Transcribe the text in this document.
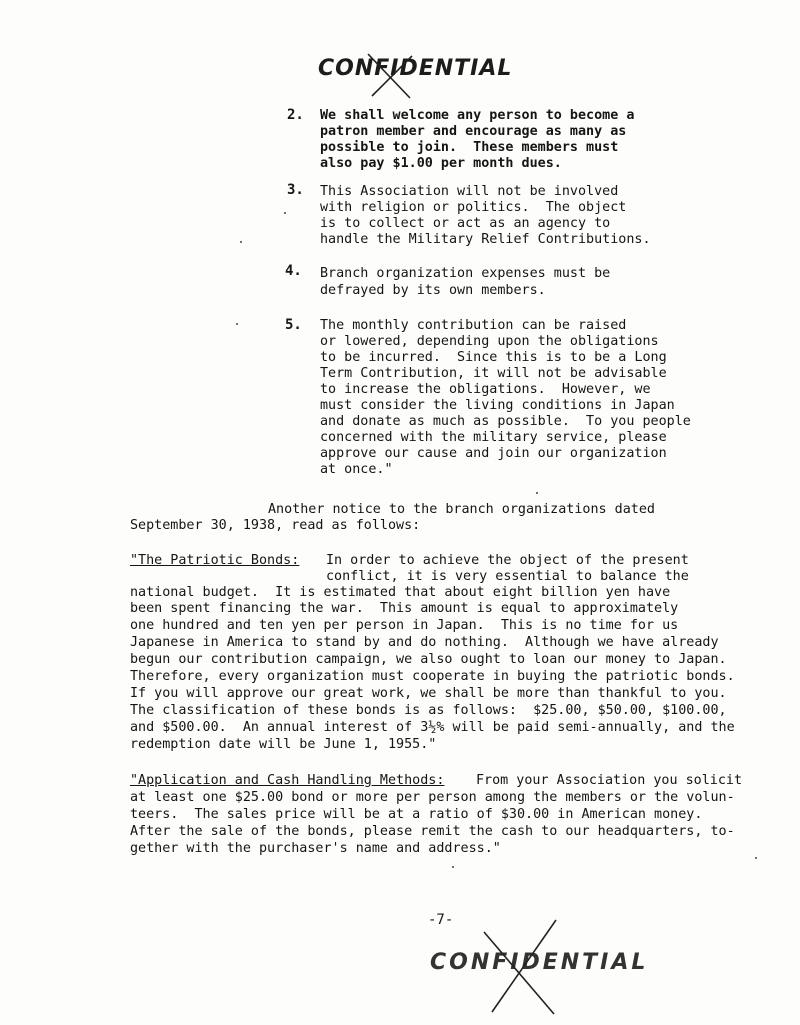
CONFIDENTIAL
2. We shall welcome any person to become a
patron member and encourage as many as
possible to join.  These members must
also pay $1.00 per month dues.
3. This Association will not be involved
with religion or politics.  The object
is to collect or act as an agency to
handle the Military Relief Contributions.
4. Branch organization expenses must be
defrayed by its own members.
5. The monthly contribution can be raised
or lowered, depending upon the obligations
to be incurred.  Since this is to be a Long
Term Contribution, it will not be advisable
to increase the obligations.  However, we
must consider the living conditions in Japan
and donate as much as possible.  To you people
concerned with the military service, please
approve our cause and join our organization
at once."
Another notice to the branch organizations dated
September 30, 1938, read as follows:
"The Patriotic Bonds: In order to achieve the object of the present
conflict, it is very essential to balance the
national budget.  It is estimated that about eight billion yen have
been spent financing the war.  This amount is equal to approximately
one hundred and ten yen per person in Japan.  This is no time for us
Japanese in America to stand by and do nothing.  Although we have already
begun our contribution campaign, we also ought to loan our money to Japan.
Therefore, every organization must cooperate in buying the patriotic bonds.
If you will approve our great work, we shall be more than thankful to you.
The classification of these bonds is as follows:  $25.00, $50.00, $100.00,
and $500.00.  An annual interest of 3½% will be paid semi-annually, and the
redemption date will be June 1, 1955."
"Application and Cash Handling Methods: From your Association you solicit
at least one $25.00 bond or more per person among the members or the volun-
teers.  The sales price will be at a ratio of $30.00 in American money.
After the sale of the bonds, please remit the cash to our headquarters, to-
gether with the purchaser's name and address."
-7-
CONFIDENTIAL
